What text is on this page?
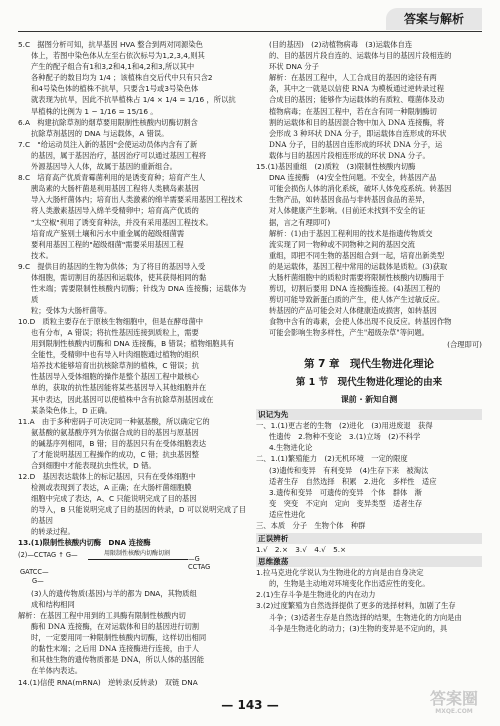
答案与解析
5.C　据图分析可知，抗旱基因 HVA 整合到两对同源染色
体上，若图中染色体从左至右依次标号为1,2,3,4,则其
产生的配子组合有1和3,2和4,1和4,2和3,所以其中
各种配子的数目均为 1/4 ；该植株自交后代中只有只含2
和4号染色体的植株不抗旱，只要含1号或3号染色体
就表现为抗旱，因此不抗旱植株占 1/4 × 1/4 = 1/16 ，所以抗
旱植株的比例为 1 − 1/16 = 15/16 。
6.A　构建抗除草剂的烟草要用限制性核酸内切酶切割含
抗除草剂基因的 DNA 与运载体，A 错误。
7.C　"给运动员注入新的基因"会使运动员体内含有了新
的基因，属于基因治疗，基因治疗可以通过基因工程将
外源基因导入人体，故属于基因的重新组合。
8.C　培育高产优质青霉菌利用的是诱变育种；培育产生人
胰岛素的大肠杆菌是利用基因工程将人类胰岛素基因
导入大肠杆菌体内；培育出人类激素的绵羊需要采用基因工程技术
将人类激素基因导入绵羊受精卵中；培育高产优质的
"太空椒"利用了诱变育种法，并没有采用基因工程技术。
培育成产鉴别土壤和污水中重金属的超级细菌需
要利用基因工程的"超级细菌"需要采用基因工程
技术。
9.C　提供目的基因的生物为供体；为了将目的基因导入受
体细胞，需切割目的基因和运载体，使其获得相同的黏
性末端；需要限制性核酸内切酶；针线为 DNA 连接酶；运载体为质
粒；受体为大肠杆菌等。
10.D　质粒主要存在于原核生物细胞中，但是在酵母菌中
也有分布，A 错误；将抗性基因连接到质粒上，需要
用到限制性核酸内切酶和 DNA 连接酶，B 错误；植物细胞具有
全能性，受精卵中也有导入叶肉细胞通过植物的组织
培养技术能够培育出抗核除草剂的植株，C 错误；抗
性基因导入受体细胞的操作是整个基因工程中最核心
单的，获取的抗性基因能将某些基因导入其他细胞并在
其中表达，因此基因可以使植株中含有抗除草剂基因或在
某条染色体上，D 正确。
11.A　由于多种密码子可决定同一种氨基酸，所以确定它的
氨基酸的氨基酸序列为依据合成的目的基因与原基因
的碱基序列相同，B 错；目的基因只有在受体细胞表达
了才能说明基因工程操作的成功，C 错；抗虫基因整
合到细胞中才能表现抗虫性状，D 错。
12.D　基因表达载体上的标记基因，只有在受体细胞中
检测或表现到了表达，A 正确；在大肠杆菌细胞膜
细胞中完成了表达，A、C 只能说明完成了目的基因
的导入，B 只能说明完成了目的基因的转录，D 可以说明完成了目的基因
的转录过程。
13.(1)限制性核酸内切酶　DNA 连接酶
(2)—CCTAG ↑ G—	用限制性核酸内切酶切割
—G
CCTAG
GATCC—
G—
(3)人的遗传物质(基因)与羊的都为 DNA，其物质组
成和结构相同
解析：在基因工程中用到的工具酶有限制性核酸内切
酶和 DNA 连接酶，在对运载体和目的基因进行切割
时，一定要用同一种限制性核酸内切酶，这样切出相同
的黏性末端；之后用 DNA 连接酶进行连接，由于人
和其他生物的遗传物质都是 DNA，所以人体的基因能
在羊体内表达。
14.(1)信使 RNA(mRNA)　逆转录(反转录)　双链 DNA
(目的基因)　(2)动植物病毒　(3)运载体自连
的、目的基因片段自连的、运载体与目的基因片段相连的
环状 DNA 分子
解析：在基因工程中，人工合成目的基因的途径有两
条，其中之一就是以信使 RNA 为模板通过逆转录过程
合成目的基因；能够作为运载体的有质粒、噬菌体及动
植物病毒；在基因工程中，若在含有同一种限制酶切
割的运载体和目的基因混合物中加入 DNA 连接酶，将
会形成 3 种环状 DNA 分子，即运载体自连形成的环状
DNA 分子，目的基因自连形成的环状 DNA 分子，运
载体与目的基因片段相连形成的环状 DNA 分子。
15.(1)基因重组　(2)质粒　(3)限制性核酸内切酶
DNA 连接酶　(4)安全性问题。不安全，转基因产品
可能会损伤人体的消化系统，破坏人体免疫系统。转基因
生物产品，如转基因食品与非转基因食品的差异，
对人体健康产生影响。(目前还未找到不安全的证
据，言之有理即可)
解析：(1)由于基因工程利用的技术是指遗传物质交
流实现了同一物种或不同物种之间的基因交流
重组，即把不同生物的基因组合到一起，培育出新类型
的是运载体，基因工程中常用的运载体是质粒。(3)获取
大肠杆菌细胞中的质粒时需要将限制性核酸内切酶用于
剪切，切割后要用 DNA 连接酶连接。(4)基因工程的
剪切可能导致新蛋白质的产生，使人体产生过敏反应。
转基因的产品可能会对人体健康造成损害，如转基因
食物中含有的毒素，会使人体出现不良反应。转基因作物
可能会影响生物多样性，产生"超级杂草"等问题。
(合理即可)
第 7 章　现代生物进化理论
第 1 节　现代生物进化理论的由来
课前 · 新知自测
识记为先
一、1.(1)更古老的生物　(2)进化　(3)用进废退　获得
性遗传　2.物种不变论　3.(1)立场　(2)不科学
4.生物进化论
二、1.(1)繁殖能力　(2)无机环境　一定的限度
(3)遗传和变异　有利变异　(4)生存下来　被淘汰
适者生存　自然选择　积累　2.进化　多样性　适应
3.遗传和变异　可遗传的变异　个体　群体　渐
变　突变　不定向　定向　变异类型　适者生存
适应性进化
三、本质　分子　生物个体　种群
正误辨析
1.√　2.×　3.√　4.√　5.×
思维激荡
1.拉马克进化学说认为生物进化的方向是由自身决定
的，生物是主动地对环境变化作出适应性的变化。
2.(1)生存斗争是生物进化的内在动力
3.(2)过度繁殖为自然选择提供了更多的选择材料，加剧了生存
斗争；(3)适者生存是自然选择的结果，生物进化的方向是由
斗争是生物进化的动力；(3)生物的变异是不定向的，具
— 143 —	答案圈
MXQE.COM
